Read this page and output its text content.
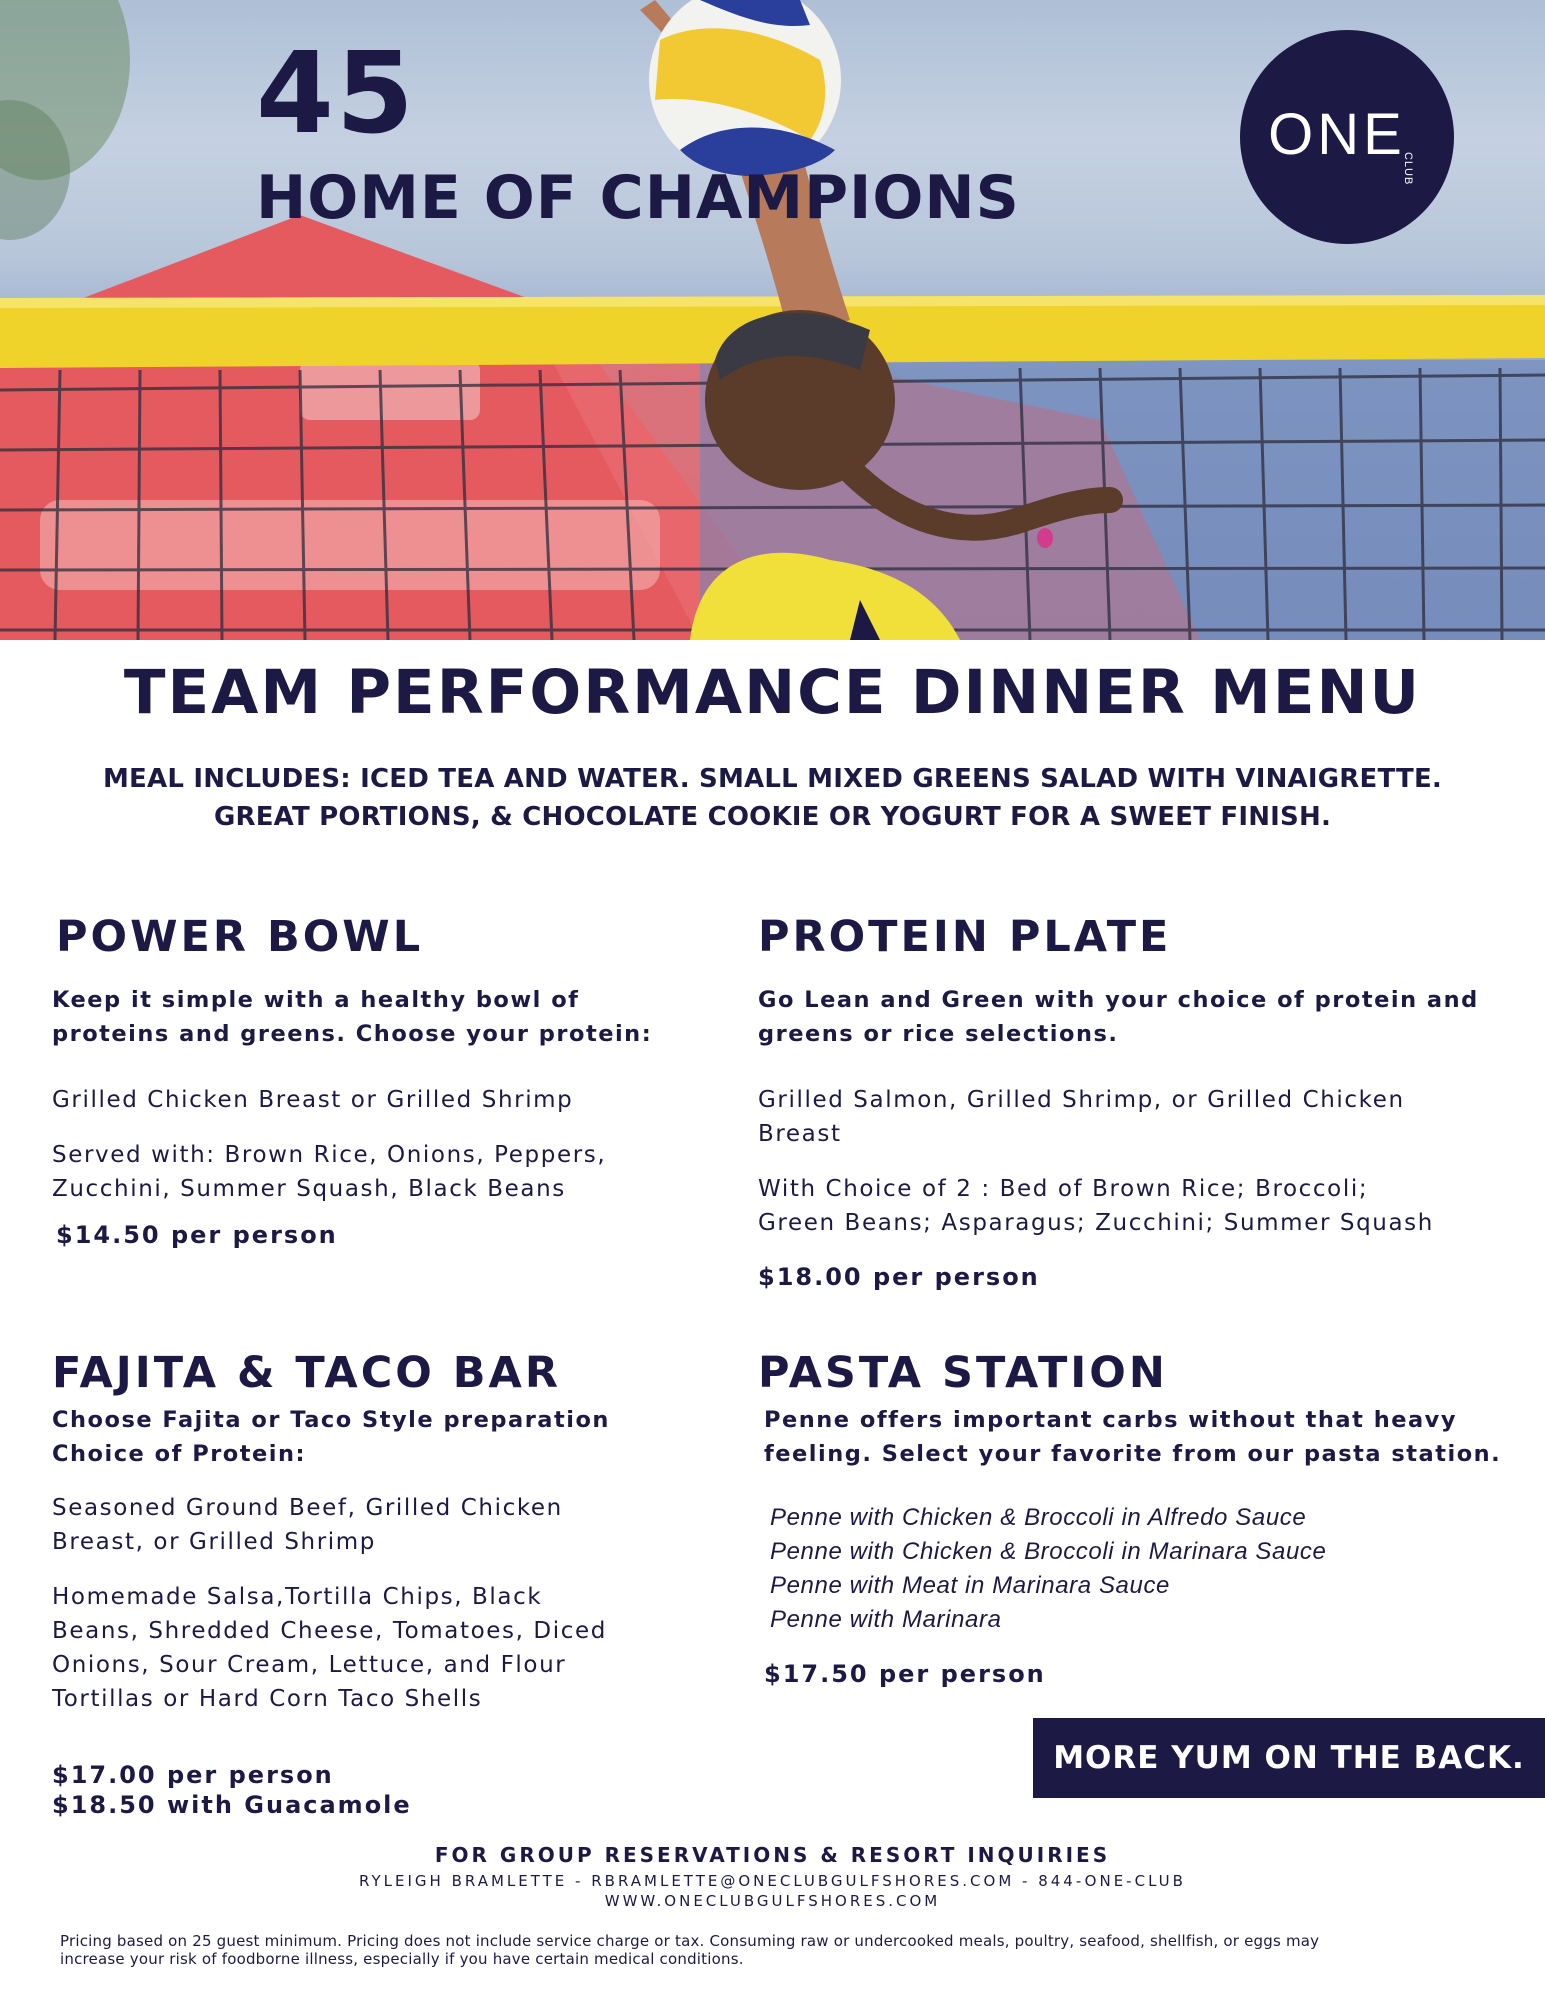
45
HOME OF CHAMPIONS
ONE
CLUB
TEAM PERFORMANCE DINNER MENU

MEAL INCLUDES: ICED TEA AND WATER. SMALL MIXED GREENS SALAD WITH VINAIGRETTE.
GREAT PORTIONS, & CHOCOLATE COOKIE OR YOGURT FOR A SWEET FINISH.

POWER BOWL

Keep it simple with a healthy bowl of
proteins and greens. Choose your protein:

Grilled Chicken Breast or Grilled Shrimp

Served with: Brown Rice, Onions, Peppers,
Zucchini, Summer Squash, Black Beans

$14.50 per person

PROTEIN PLATE

Go Lean and Green with your choice of protein and
greens or rice selections.

Grilled Salmon, Grilled Shrimp, or Grilled Chicken
Breast

With Choice of 2 : Bed of Brown Rice; Broccoli;
Green Beans; Asparagus; Zucchini; Summer Squash

$18.00 per person

FAJITA & TACO BAR

Choose Fajita or Taco Style preparation
Choice of Protein:

Seasoned Ground Beef, Grilled Chicken
Breast, or Grilled Shrimp

Homemade Salsa,Tortilla Chips, Black
Beans, Shredded Cheese, Tomatoes, Diced
Onions, Sour Cream, Lettuce, and Flour
Tortillas or Hard Corn Taco Shells

$17.00 per person

$18.50 with Guacamole

PASTA STATION

Penne offers important carbs without that heavy
feeling. Select your favorite from our pasta station.

Penne with Chicken & Broccoli in Alfredo Sauce
Penne with Chicken & Broccoli in Marinara Sauce
Penne with Meat in Marinara Sauce
Penne with Marinara

$17.50 per person

MORE YUM ON THE BACK.

FOR GROUP RESERVATIONS & RESORT INQUIRIES

RYLEIGH BRAMLETTE - RBRAMLETTE@ONECLUBGULFSHORES.COM - 844-ONE-CLUB

WWW.ONECLUBGULFSHORES.COM

Pricing based on 25 guest minimum. Pricing does not include service charge or tax. Consuming raw or undercooked meals, poultry, seafood, shellfish, or eggs may
increase your risk of foodborne illness, especially if you have certain medical conditions.
